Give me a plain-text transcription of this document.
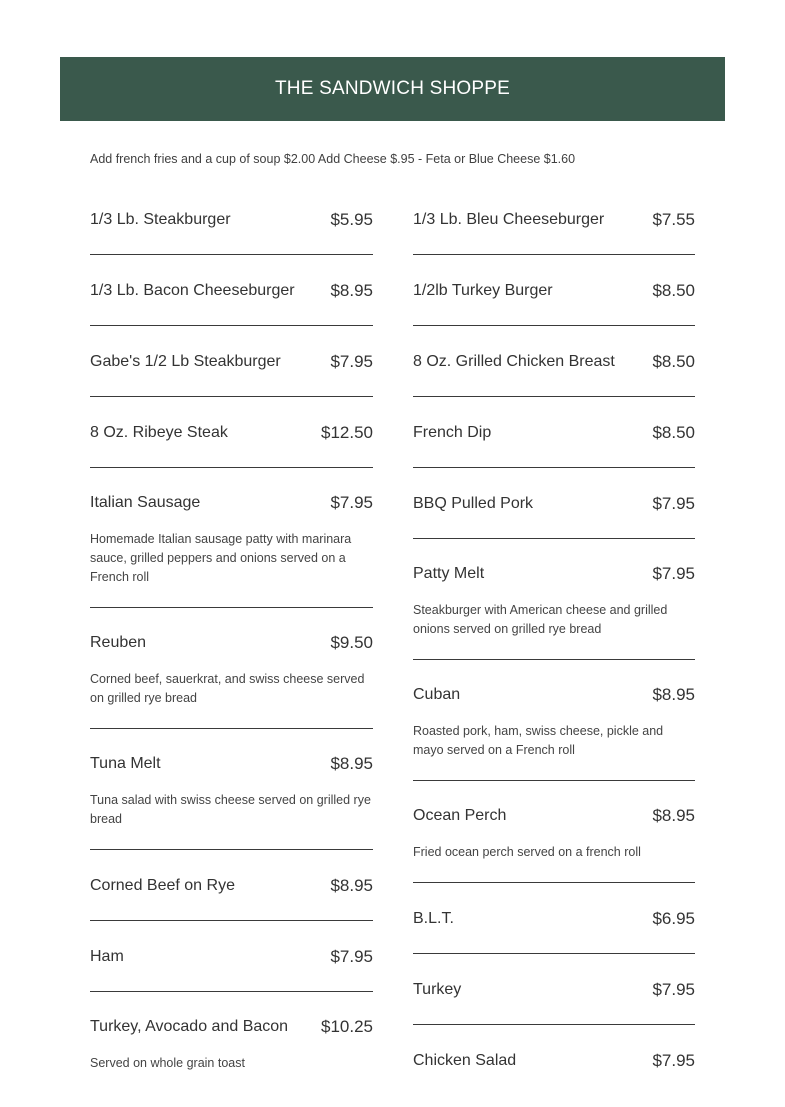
THE SANDWICH SHOPPE
Add french fries and a cup of soup $2.00 Add Cheese $.95 - Feta or Blue Cheese $1.60
1/3 Lb. Steakburger	$5.95
1/3 Lb. Bacon Cheeseburger $8.95
Gabe's 1/2 Lb Steakburger	$7.95
8 Oz. Ribeye Steak	$12.50
Italian Sausage	$7.95
Homemade Italian sausage patty with marinara sauce, grilled peppers and onions served on a French roll
Reuben	$9.50
Corned beef, sauerkrat, and swiss cheese served on grilled rye bread
Tuna Melt	$8.95
Tuna salad with swiss cheese served on grilled rye bread
Corned Beef on Rye	$8.95
Ham	$7.95
Turkey, Avocado and Bacon $10.25
Served on whole grain toast
1/3 Lb. Bleu Cheeseburger	$7.55
1/2lb Turkey Burger	$8.50
8 Oz. Grilled Chicken Breast $8.50
French Dip	$8.50
BBQ Pulled Pork	$7.95
Patty Melt	$7.95
Steakburger with American cheese and grilled onions served on grilled rye bread
Cuban	$8.95
Roasted pork, ham, swiss cheese, pickle and mayo served on a French roll
Ocean Perch	$8.95
Fried ocean perch served on a french roll
B.L.T.	$6.95
Turkey	$7.95
Chicken Salad	$7.95
